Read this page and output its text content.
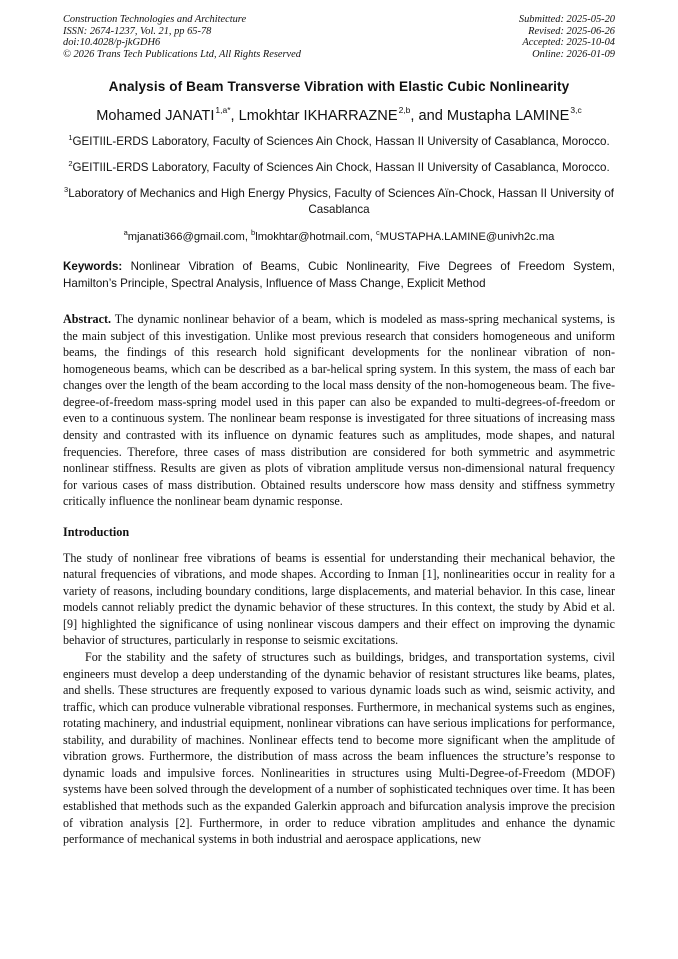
Construction Technologies and Architecture
ISSN: 2674-1237, Vol. 21, pp 65-78
doi:10.4028/p-jkGDH6
© 2026 Trans Tech Publications Ltd, All Rights Reserved
Submitted: 2025-05-20
Revised: 2025-06-26
Accepted: 2025-10-04
Online: 2026-01-09
Analysis of Beam Transverse Vibration with Elastic Cubic Nonlinearity
Mohamed $JANATI^{1,a*}$, Lmokhtar IKHARRAZNE$^{2,b}$, and Mustapha LAMINE$^{3,c}$
$^1$GEITIIL-ERDS Laboratory, Faculty of Sciences Ain Chock, Hassan II University of Casablanca, Morocco.
$^2$GEITIIL-ERDS Laboratory, Faculty of Sciences Ain Chock, Hassan II University of Casablanca, Morocco.
$^3$Laboratory of Mechanics and High Energy Physics, Faculty of Sciences Aïn-Chock, Hassan II University of Casablanca
$^a$mjanati366@gmail.com, $^b$lmokhtar@hotmail.com, $^c$MUSTAPHA.LAMINE@univh2c.ma
Keywords: Nonlinear Vibration of Beams, Cubic Nonlinearity, Five Degrees of Freedom System, Hamilton’s Principle, Spectral Analysis, Influence of Mass Change, Explicit Method
Abstract. The dynamic nonlinear behavior of a beam, which is modeled as mass-spring mechanical systems, is the main subject of this investigation. Unlike most previous research that considers homogeneous and uniform beams, the findings of this research hold significant developments for the nonlinear vibration of non-homogeneous beams, which can be described as a bar-helical spring system. In this system, the mass of each bar changes over the length of the beam according to the local mass density of the non-homogeneous beam. The five-degree-of-freedom mass-spring model used in this paper can also be expanded to multi-degrees-of-freedom or even to a continuous system. The nonlinear beam response is investigated for three situations of increasing mass density and contrasted with its influence on dynamic features such as amplitudes, mode shapes, and natural frequencies. Therefore, three cases of mass distribution are considered for both symmetric and asymmetric nonlinear stiffness. Results are given as plots of vibration amplitude versus non-dimensional natural frequency for various cases of mass distribution. Obtained results underscore how mass density and stiffness symmetry critically influence the nonlinear beam dynamic response.
Introduction
The study of nonlinear free vibrations of beams is essential for understanding their mechanical behavior, the natural frequencies of vibrations, and mode shapes. According to Inman [1], nonlinearities occur in reality for a variety of reasons, including boundary conditions, large displacements, and material behavior. In this case, linear models cannot reliably predict the dynamic behavior of these structures. In this context, the study by Abid et al. [9] highlighted the significance of using nonlinear viscous dampers and their effect on improving the dynamic behavior of structures, particularly in response to seismic excitations.
For the stability and the safety of structures such as buildings, bridges, and transportation systems, civil engineers must develop a deep understanding of the dynamic behavior of resistant structures like beams, plates, and shells. These structures are frequently exposed to various dynamic loads such as wind, seismic activity, and traffic, which can produce vulnerable vibrational responses. Furthermore, in mechanical systems such as engines, rotating machinery, and industrial equipment, nonlinear vibrations can have serious implications for performance, stability, and durability of machines. Nonlinear effects tend to become more significant when the amplitude of vibration grows. Furthermore, the distribution of mass across the beam influences the structure’s response to dynamic loads and impulsive forces. Nonlinearities in structures using Multi-Degree-of-Freedom (MDOF) systems have been solved through the development of a number of sophisticated techniques over time. It has been established that methods such as the expanded Galerkin approach and bifurcation analysis improve the precision of vibration analysis [2]. Furthermore, in order to reduce vibration amplitudes and enhance the dynamic performance of mechanical systems in both industrial and aerospace applications, new
